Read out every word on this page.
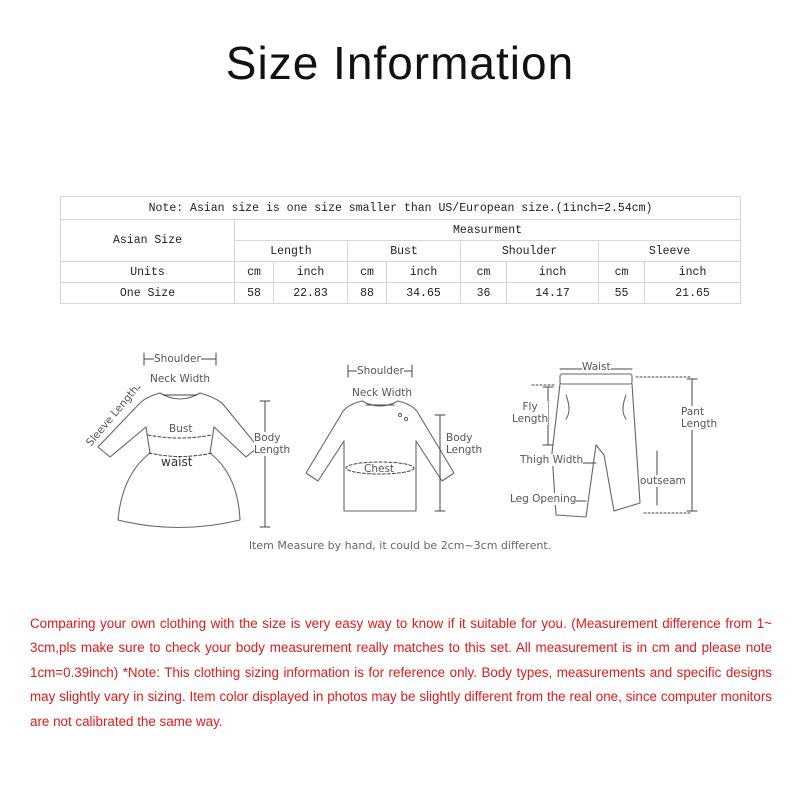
Size Information
Note: Asian size is one size smaller than US/European size.(1inch=2.54cm)								
Asian Size	Measurment							
	Length		Bust		Shoulder		Sleeve	
Units	cm	inch	cm	inch	cm	inch	cm	inch
One Size	58	22.83	88	34.65	36	14.17	55	21.65
Shoulder
Neck Width
Sleeve Length	Bust
waist
Body
Length
Shoulder
Neck Width
Chest
Body
Length
Waist
Fly
Length
Pant
Length
Thigh Width
outseam
Leg Opening
Item Measure by hand, it could be 2cm~3cm different.
Comparing your own clothing with the size is very easy way to know if it suitable for you. (Measurement difference from 1~ 3cm,pls make sure to check your body measurement really matches to this set. All measurement is in cm and please note 1cm=0.39inch) *Note: This clothing sizing information is for reference only. Body types, measurements and specific designs may slightly vary in sizing. Item color displayed in photos may be slightly different from the real one, since computer monitors are not calibrated the same way.
